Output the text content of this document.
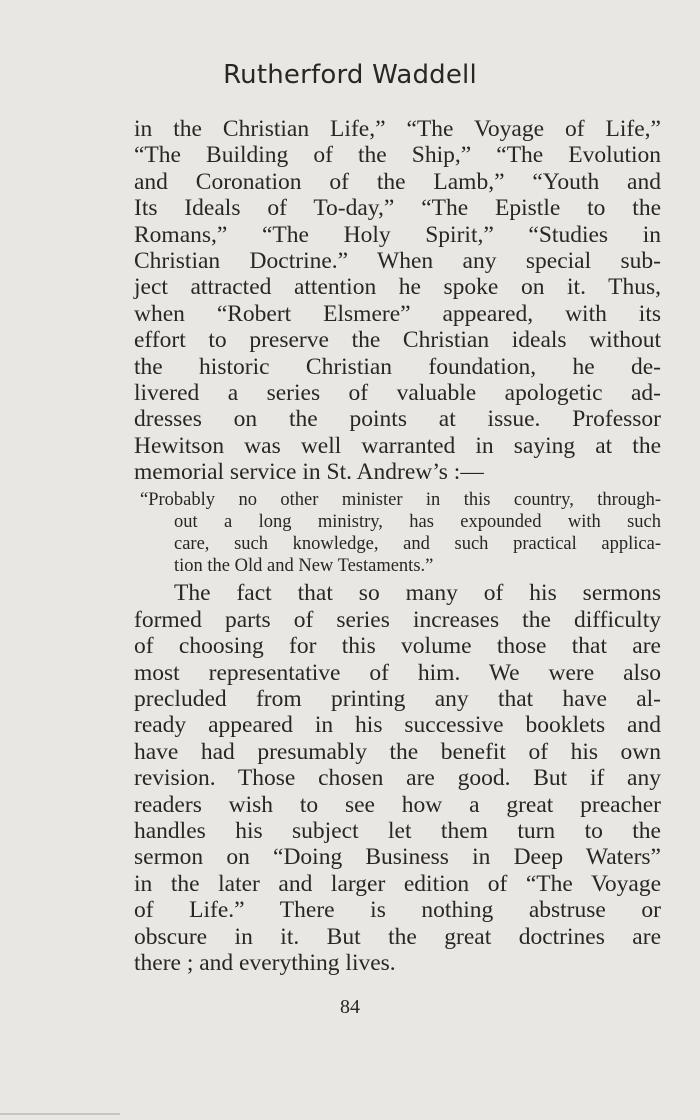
Rutherford Waddell
in the Christian Life,” “The Voyage of Life,”
“The Building of the Ship,” “The Evolution
and Coronation of the Lamb,” “Youth and
Its Ideals of To-day,” “The Epistle to the
Romans,” “The Holy Spirit,” “Studies in
Christian Doctrine.” When any special sub-
ject attracted attention he spoke on it. Thus,
when “Robert Elsmere” appeared, with its
effort to preserve the Christian ideals without
the historic Christian foundation, he de-
livered a series of valuable apologetic ad-
dresses on the points at issue. Professor
Hewitson was well warranted in saying at the
memorial service in St. Andrew’s :—
“Probably no other minister in this country, through-
out a long ministry, has expounded with such
care, such knowledge, and such practical applica-
tion the Old and New Testaments.”
The fact that so many of his sermons
formed parts of series increases the difficulty
of choosing for this volume those that are
most representative of him. We were also
precluded from printing any that have al-
ready appeared in his successive booklets and
have had presumably the benefit of his own
revision. Those chosen are good. But if any
readers wish to see how a great preacher
handles his subject let them turn to the
sermon on “Doing Business in Deep Waters”
in the later and larger edition of “The Voyage
of Life.” There is nothing abstruse or
obscure in it. But the great doctrines are
there ; and everything lives.
84
